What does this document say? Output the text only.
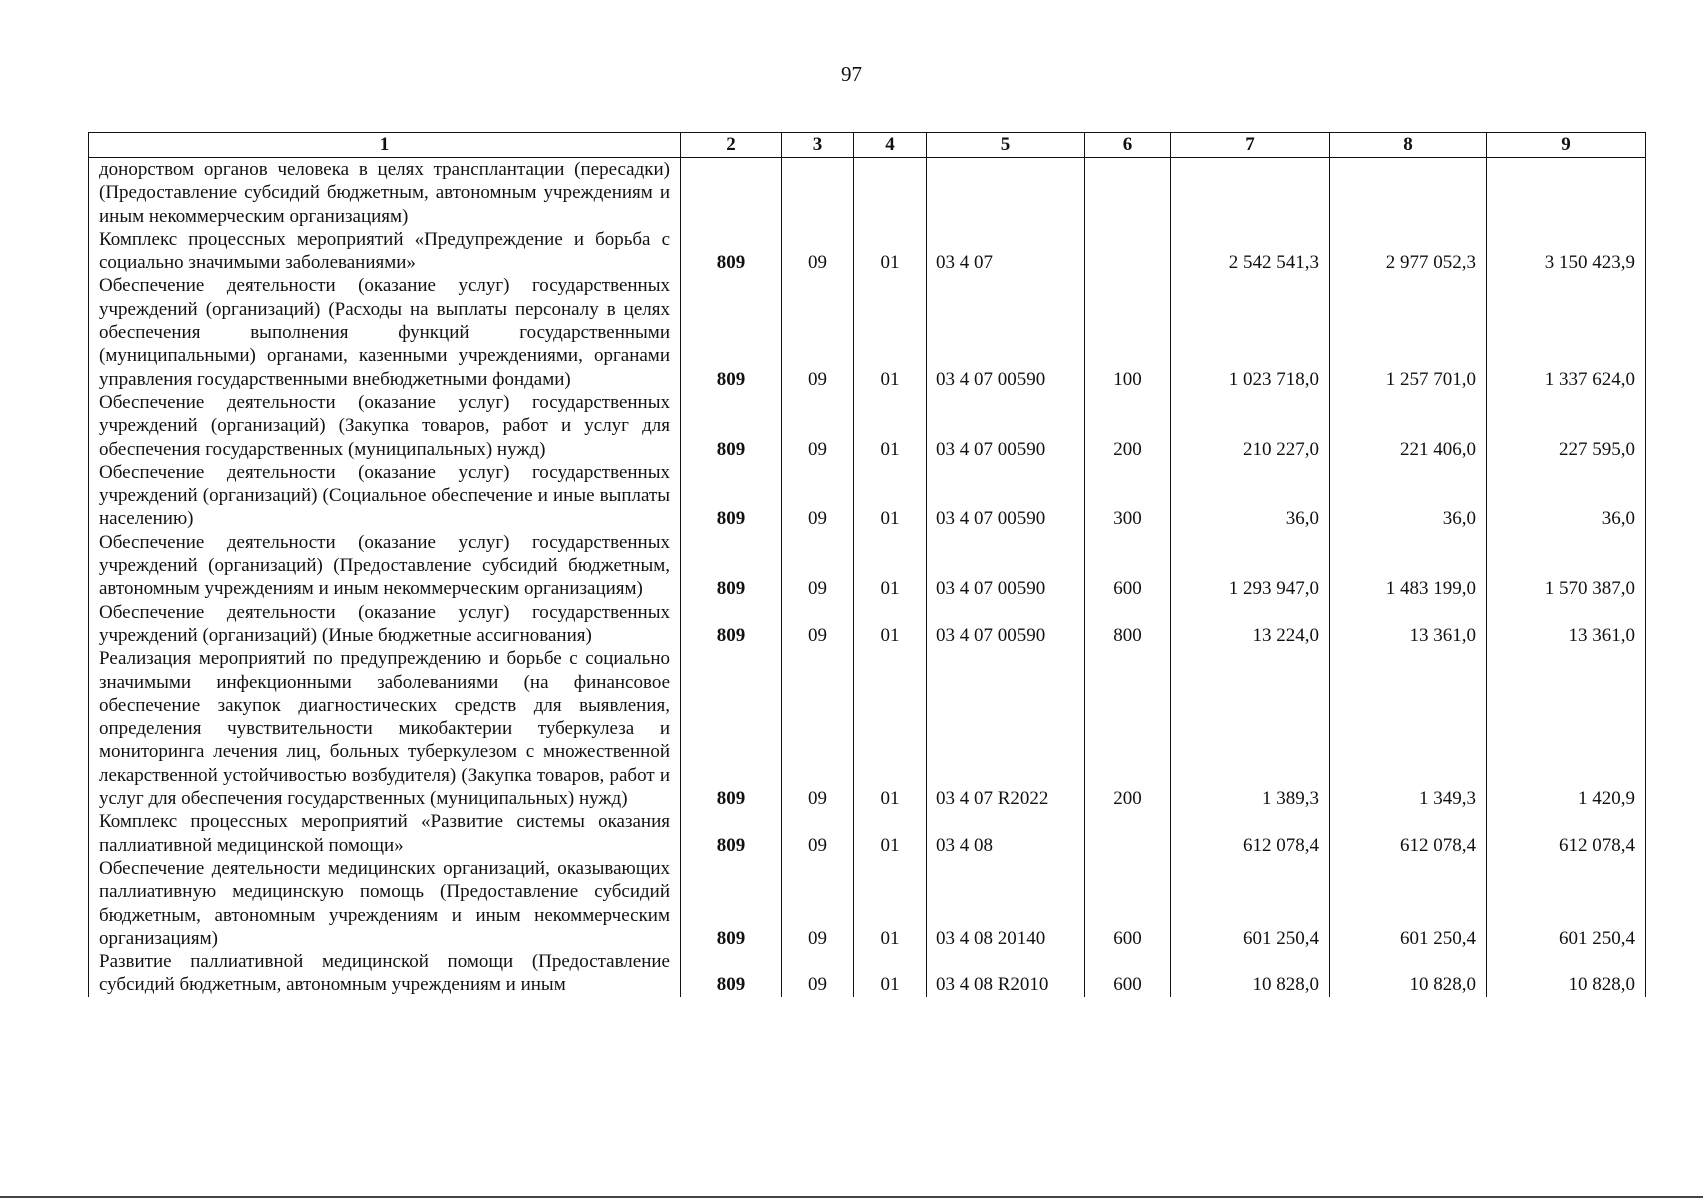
97
1	2	3	4	5	6	7	8	9
донорством органов человека в целях трансплантации (пересадки) (Предоставление субсидий бюджетным, автономным учреждениям и иным некоммерческим организациям)								
Комплекс процессных мероприятий «Предупреждение и борьба с социально значимыми заболеваниями»	809	09	01	03 4 07		2 542 541,3	2 977 052,3	3 150 423,9
Обеспечение деятельности (оказание услуг) государственных учреждений (организаций) (Расходы на выплаты персоналу в целях обеспечения выполнения функций государственными (муниципальными) органами, казенными учреждениями, органами управления государственными внебюджетными фондами)	809	09	01	03 4 07 00590	100	1 023 718,0	1 257 701,0	1 337 624,0
Обеспечение деятельности (оказание услуг) государственных учреждений (организаций) (Закупка товаров, работ и услуг для обеспечения государственных (муниципальных) нужд)	809	09	01	03 4 07 00590	200	210 227,0	221 406,0	227 595,0
Обеспечение деятельности (оказание услуг) государственных учреждений (организаций) (Социальное обеспечение и иные выплаты населению)	809	09	01	03 4 07 00590	300	36,0	36,0	36,0
Обеспечение деятельности (оказание услуг) государственных учреждений (организаций) (Предоставление субсидий бюджетным, автономным учреждениям и иным некоммерческим организациям)	809	09	01	03 4 07 00590	600	1 293 947,0	1 483 199,0	1 570 387,0
Обеспечение деятельности (оказание услуг) государственных учреждений (организаций) (Иные бюджетные ассигнования)	809	09	01	03 4 07 00590	800	13 224,0	13 361,0	13 361,0
Реализация мероприятий по предупреждению и борьбе с социально значимыми инфекционными заболеваниями (на финансовое обеспечение закупок диагностических средств для выявления, определения чувствительности микобактерии туберкулеза и мониторинга лечения лиц, больных туберкулезом с множественной лекарственной устойчивостью возбудителя) (Закупка товаров, работ и услуг для обеспечения государственных (муниципальных) нужд)	809	09	01	03 4 07 R2022	200	1 389,3	1 349,3	1 420,9
Комплекс процессных мероприятий «Развитие системы оказания паллиативной медицинской помощи»	809	09	01	03 4 08		612 078,4	612 078,4	612 078,4
Обеспечение деятельности медицинских организаций, оказывающих паллиативную медицинскую помощь (Предоставление субсидий бюджетным, автономным учреждениям и иным некоммерческим организациям)	809	09	01	03 4 08 20140	600	601 250,4	601 250,4	601 250,4
Развитие паллиативной медицинской помощи (Предоставление субсидий бюджетным, автономным учреждениям и иным	809	09	01	03 4 08 R2010	600	10 828,0	10 828,0	10 828,0
